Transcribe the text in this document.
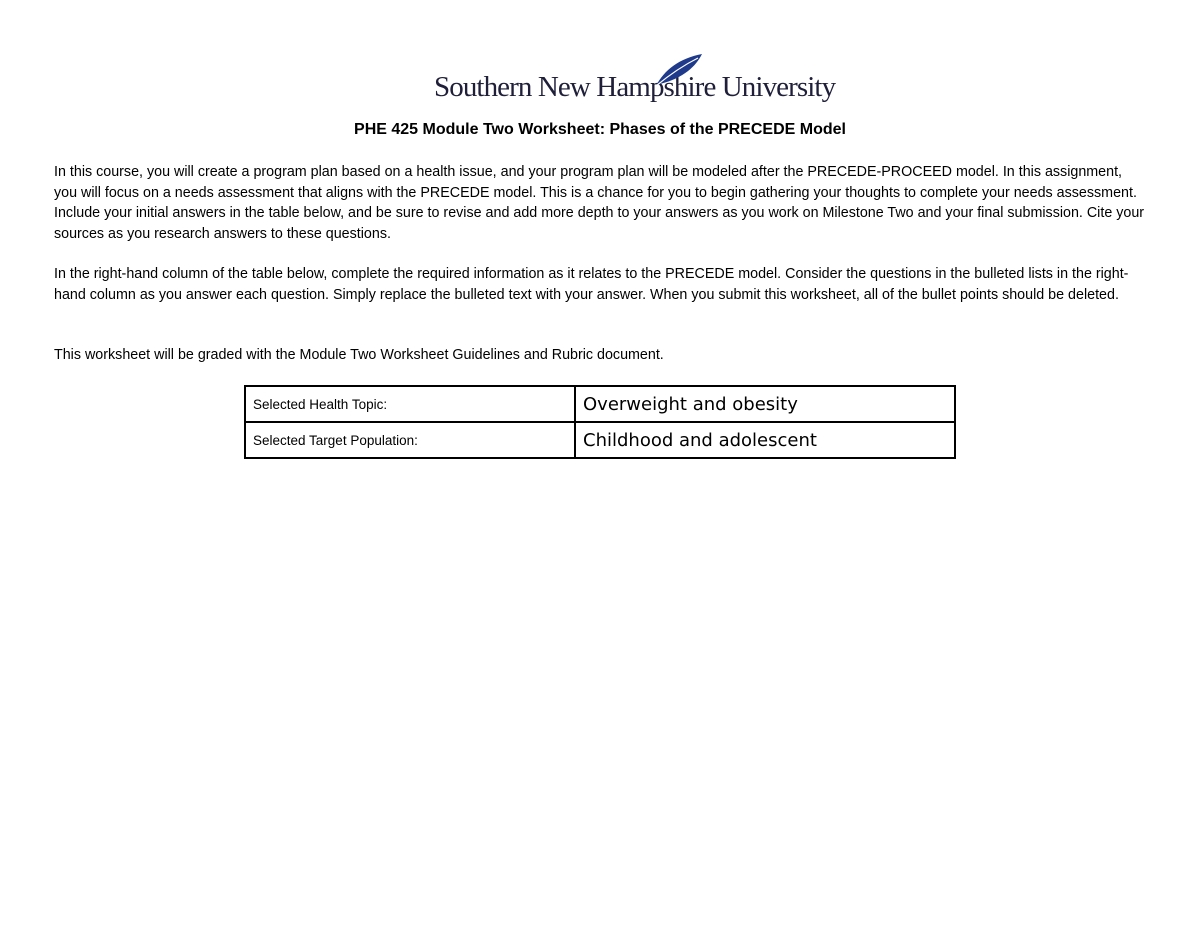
Southern New Hampshire University
PHE 425 Module Two Worksheet: Phases of the PRECEDE Model

In this course, you will create a program plan based on a health issue, and your program plan will be modeled after the PRECEDE-PROCEED model. In this assignment, you will focus on a needs assessment that aligns with the PRECEDE model. This is a chance for you to begin gathering your thoughts to complete your needs assessment. Include your initial answers in the table below, and be sure to revise and add more depth to your answers as you work on Milestone Two and your final submission. Cite your sources as you research answers to these questions.

In the right-hand column of the table below, complete the required information as it relates to the PRECEDE model. Consider the questions in the bulleted lists in the right-hand column as you answer each question. Simply replace the bulleted text with your answer. When you submit this worksheet, all of the bullet points should be deleted.

This worksheet will be graded with the Module Two Worksheet Guidelines and Rubric document.

Selected Health Topic:	Overweight and obesity
Selected Target Population:	Childhood and adolescent
